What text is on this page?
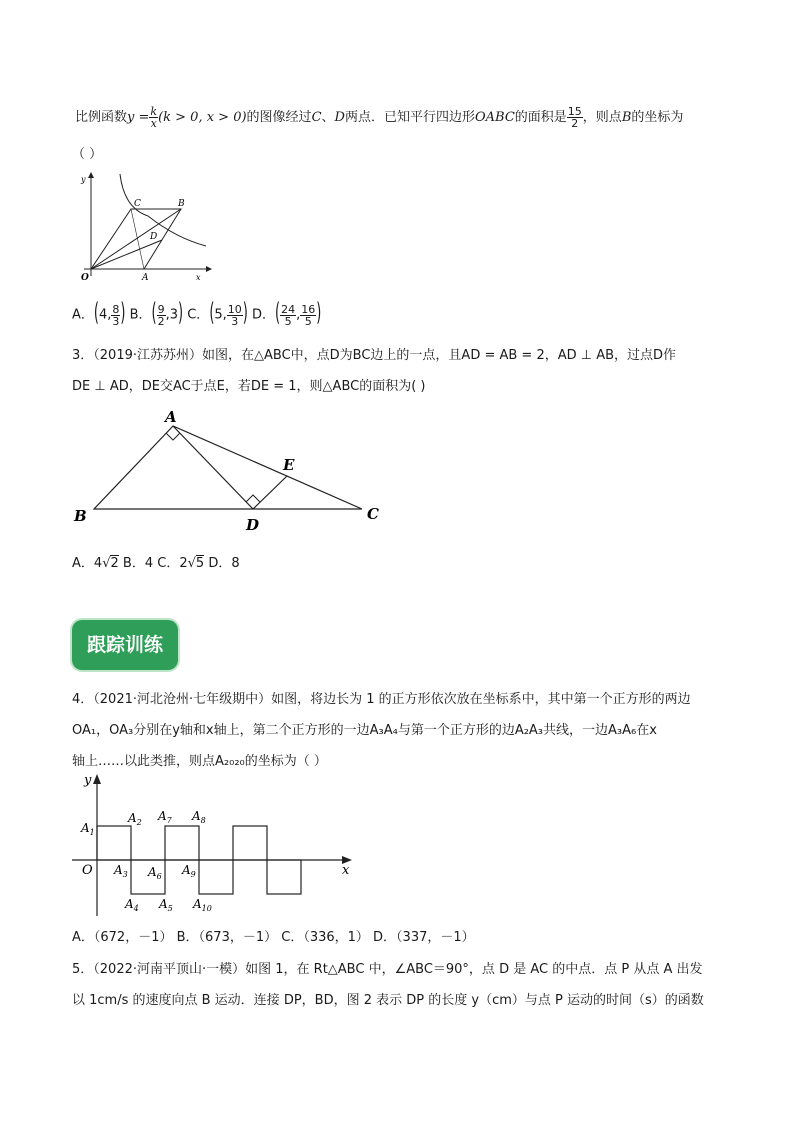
比例函数$y = \frac{k}{x} (k > 0$, x > 0)的图像经过C、D两点．已知平行四边形OABC的面积是 $\frac{15}{2}$ ，则点B的坐标为
（ ）
y
x
O	A
B
C
D
A．(4, $\frac{8}{3}$ ) B．( $\frac{9}{2} ,3$) C．(5, $\frac{10}{3}$ ) D．( $\frac{24}{5}$ , $\frac{16}{5}$ )
3．（2019·江苏苏州）如图，在△ABC中，点D为BC边上的一点，且AD = AB = 2，AD ⊥ AB，过点D作
DE ⊥ AD，DE交AC于点E，若DE = 1，则△ABC的面积为( )
A
B	C
D
E
A．4√2 B．4 C．2√5 D．8
跟踪训练
4．（2021·河北沧州·七年级期中）如图，将边长为 1 的正方形依次放在坐标系中，其中第一个正方形的两边
OA₁，OA₃分别在y轴和x轴上，第二个正方形的一边A₃A₄与第一个正方形的边A₂A₃共线，一边A₃A₆在x
轴上……以此类推，则点A₂₀₂₀的坐标为（ ）
y
x
O
$A_1$
$A_2$
$A_3$
$A_4$ $A_5$
$A_6$
$A_7$ $A_8$
$A_9$
$A_{10}$
A．（672，－1） B．（673，－1） C．（336，1） D．（337，－1）
5．（2022·河南平顶山·一模）如图 1，在 Rt△ABC 中，∠ABC＝90°，点 D 是 AC 的中点．点 P 从点 A 出发
以 1cm/s 的速度向点 B 运动．连接 DP，BD，图 2 表示 DP 的长度 y（cm）与点 P 运动的时间（s）的函数
